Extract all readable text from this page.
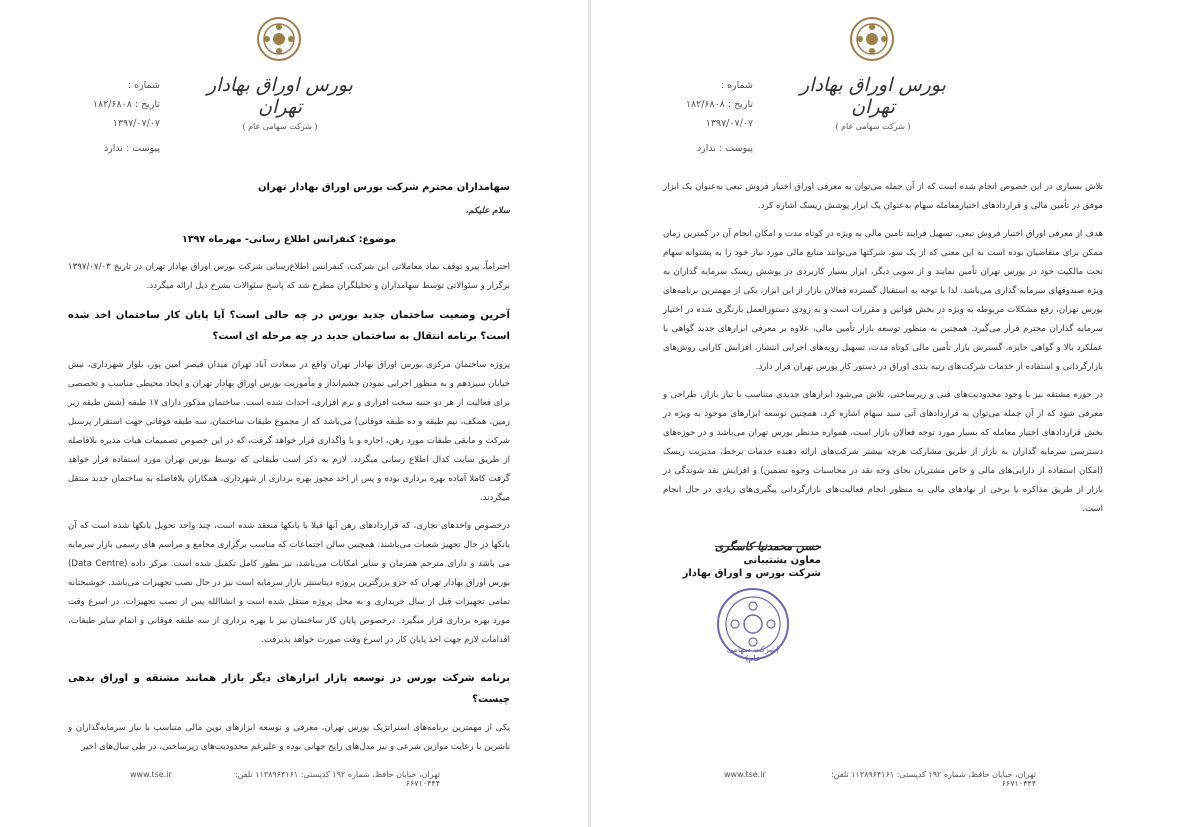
شماره :
تاریخ : ۱۸۲/۶۸۰۸
۱۳۹۷/۰۷/۰۷
پیوست : ندارد
بورس اوراق بهادار تهران
( شرکت سهامی عام )

سهامداران محترم شرکت بورس اوراق بهادار تهران

سلام علیکم،

موضوع: کنفرانس اطلاع رسانی- مهرماه ۱۳۹۷

احتراماً، پیرو توقف نماد معاملاتی این شرکت، کنفرانس اطلاع‌رسانی شرکت بورس اوراق بهادار تهران در تاریخ ۱۳۹۷/۰۷/۰۳ برگزار و سئوالاتی توسط سهامداران و تحلیلگران مطرح شد که پاسخ سئوالات بشرح ذیل ارائه میگردد.

آخرین وضعیت ساختمان جدید بورس در چه حالی است؟ آیا پایان کار ساختمان اخذ شده است؟ برنامه انتقال به ساختمان جدید در چه مرحله ای است؟

پروژه ساختمان مرکزی بورس اوراق بهادار تهران واقع در سعادت آباد تهران میدان قیصر امین پور، بلوار شهرداری، نبش خیابان سیزدهم و به منظور اجرایی نمودن چشم‌انداز و مأموریت بورس اوراق بهادار تهران و ایجاد محیطی مناسب و تخصصی برای فعالیت از هر دو جنبه سخت افزاری و نرم افزاری، احداث شده است. ساختمان مذکور دارای ۱۷ طبقه (شش طبقه زیر زمین، همکف، نیم طبقه و ده طبقه فوقانی) می‌باشد که از مجموع طبقات ساختمان، سه طبقه فوقانی جهت استقرار پرسنل شرکت و مابقی طبقات مورد رهن، اجاره و یا واگذاری قرار خواهد گرفت، که در این خصوص تصمیمات هیات مدیره بلافاصله از طریق سایت کدال اطلاع رسانی میگردد. لازم به ذکر است طبقاتی که توسط بورس تهران مورد استفاده قرار خواهد گرفت کاملا آماده بهره برداری بوده و پس از اخذ مجوز بهره برداری از شهرداری، همکاران بلافاصله به ساختمان جدید منتقل میگردند.

درخصوص واحدهای تجاری، که قراردادهای رهن آنها قبلا با بانکها منعقد شده است، چند واحد تحویل بانکها شده است که آن بانکها در حال تجهیز شعبات می‌باشند. همچنین سالن اجتماعات که مناسب برگزاری مجامع و مراسم های رسمی بازار سرمایه می باشد و دارای مترجم همزمان و سایر امکانات می‌باشد، نیز بطور کامل تکمیل شده است. مرکز داده (Data Centre) بورس اوراق بهادار تهران که جزو بزرگترین پروژه دیتاسنتر بازار سرمایه است نیز در حال نصب تجهیزات می‌باشد. خوشبختانه تمامی تجهیزات قبل از سال خریداری و به محل پروژه منتقل شده است و انشاالله پس از نصب تجهیزات، در اسرع وقت مورد بهره برداری قرار میگیرد. درخصوص پایان کار ساختمان نیز با بهره برداری از سه طبقه فوقانی و اتمام سایر طبقات، اقدامات لازم جهت اخذ پایان کار در اسرع وقت صورت خواهد پذیرفت.

برنامه شرکت بورس در توسعه بازار ابزارهای دیگر بازار همانند مشتقه و اوراق بدهی چیست؟

یکی از مهمترین برنامه‌های استراتژیک بورس تهران، معرفی و توسعه ابزارهای نوین مالی متناسب با نیاز سرمایه‌گذاران و ناشرین با رعایت موازین شرعی و نیز مدل‌های رایج جهانی بوده و علیرغم محدودیت‌های زیرساختی، در طی سال‌های اخیر

www.tse.ir	تهران، خیابان حافظ، شماره ۱۹۲ کدپستی: ۱۱۳۸۹۶۴۱۶۱ تلفن: ۶۶۷۱۰۴۴۴
شماره :
تاریخ : ۱۸۲/۶۸۰۸
۱۳۹۷/۰۷/۰۷
پیوست : ندارد
بورس اوراق بهادار تهران
( شرکت سهامی عام )

تلاش بسیاری در این خصوص انجام شده است که از آن جمله می‌توان به معرفی اوراق اختیار فروش تبعی به‌عنوان یک ابزار موفق در تأمین مالی و قراردادهای اختیارمعامله سهام به‌عنوان یک ابزار پوشش ریسک اشاره کرد.

هدف از معرفی اوراق اختیار فروش تبعی، تسهیل فرایند تامین مالی به ویژه در کوتاه مدت و امکان انجام آن در کمترین زمان ممکن برای متقاضیان بوده است به این معنی که از یک سو، شرکتها می‌توانند منابع مالی مورد نیاز خود را به پشتوانه سهام تحت مالکیت خود در بورس تهران تأمین نمایند و از سویی دیگر، ابزار بسیار کاربردی در پوشش ریسک سرمایه گذاران به ویژه صندوقهای سرمایه گذاری می‌باشد. لذا با توجه به استقبال گسترده فعالان بازار از این ابزار، یکی از مهمترین برنامه‌های بورس تهران، رفع مشکلات مربوطه به ویژه در بخش قوانین و مقررات است و به زودی دستورالعمل بازنگری شده در اختیار سرمایه گذاران محترم قرار می‌گیرد. همچنین به منظور توسعه بازار تأمین مالی، علاوه بر معرفی ابزارهای جدید گواهی با عملکرد بالا و گواهی جایزه، گسترش بازار تأمین مالی کوتاه مدت، تسهیل رویه‌های اجرایی انتشار، افزایش کارایی روش‌های بازارگردانی و استفاده از خدمات شرکت‌های رتبه بندی اوراق در دستور کار بورس تهران قرار دارد.

در حوزه مشتقه نیز با وجود محدودیت‌های فنی و زیرساختی، تلاش می‌شود ابزارهای جدیدی متناسب با نیاز بازار، طراحی و معرفی شود که از آن جمله می‌توان به قراردادهای آتی سبد سهام اشاره کرد. همچنین توسعه ابزارهای موجود به ویژه در بخش قراردادهای اختیار معامله که بسیار مورد توجه فعالان بازار است، همواره مدنظر بورس تهران می‌باشد و در حوزه‌های دسترسی سرمایه گذاران به بازار از طریق مشارکت هرچه بیشتر شرکت‌های ارائه دهنده خدمات برخط، مدیریت ریسک (امکان استفاده از دارایی‌های مالی و خاص مشتریان بجای وجه نقد در محاسبات وجوه تضمین) و افزایش نقد شوندگی در بازار از طریق مذاکره با برخی از نهادهای مالی به منظور انجام فعالیت‌های بازارگردانی پیگیری‌های زیادی در حال انجام است.

حسن محمدنیا کاسگری
معاون پشتیبانی
شرکت بورس و اوراق بهادار
(شرکت سهامی عام)
www.tse.ir	تهران، خیابان حافظ، شماره ۱۹۲ کدپستی: ۱۱۳۸۹۶۴۱۶۱ تلفن: ۶۶۷۱۰۴۴۴
